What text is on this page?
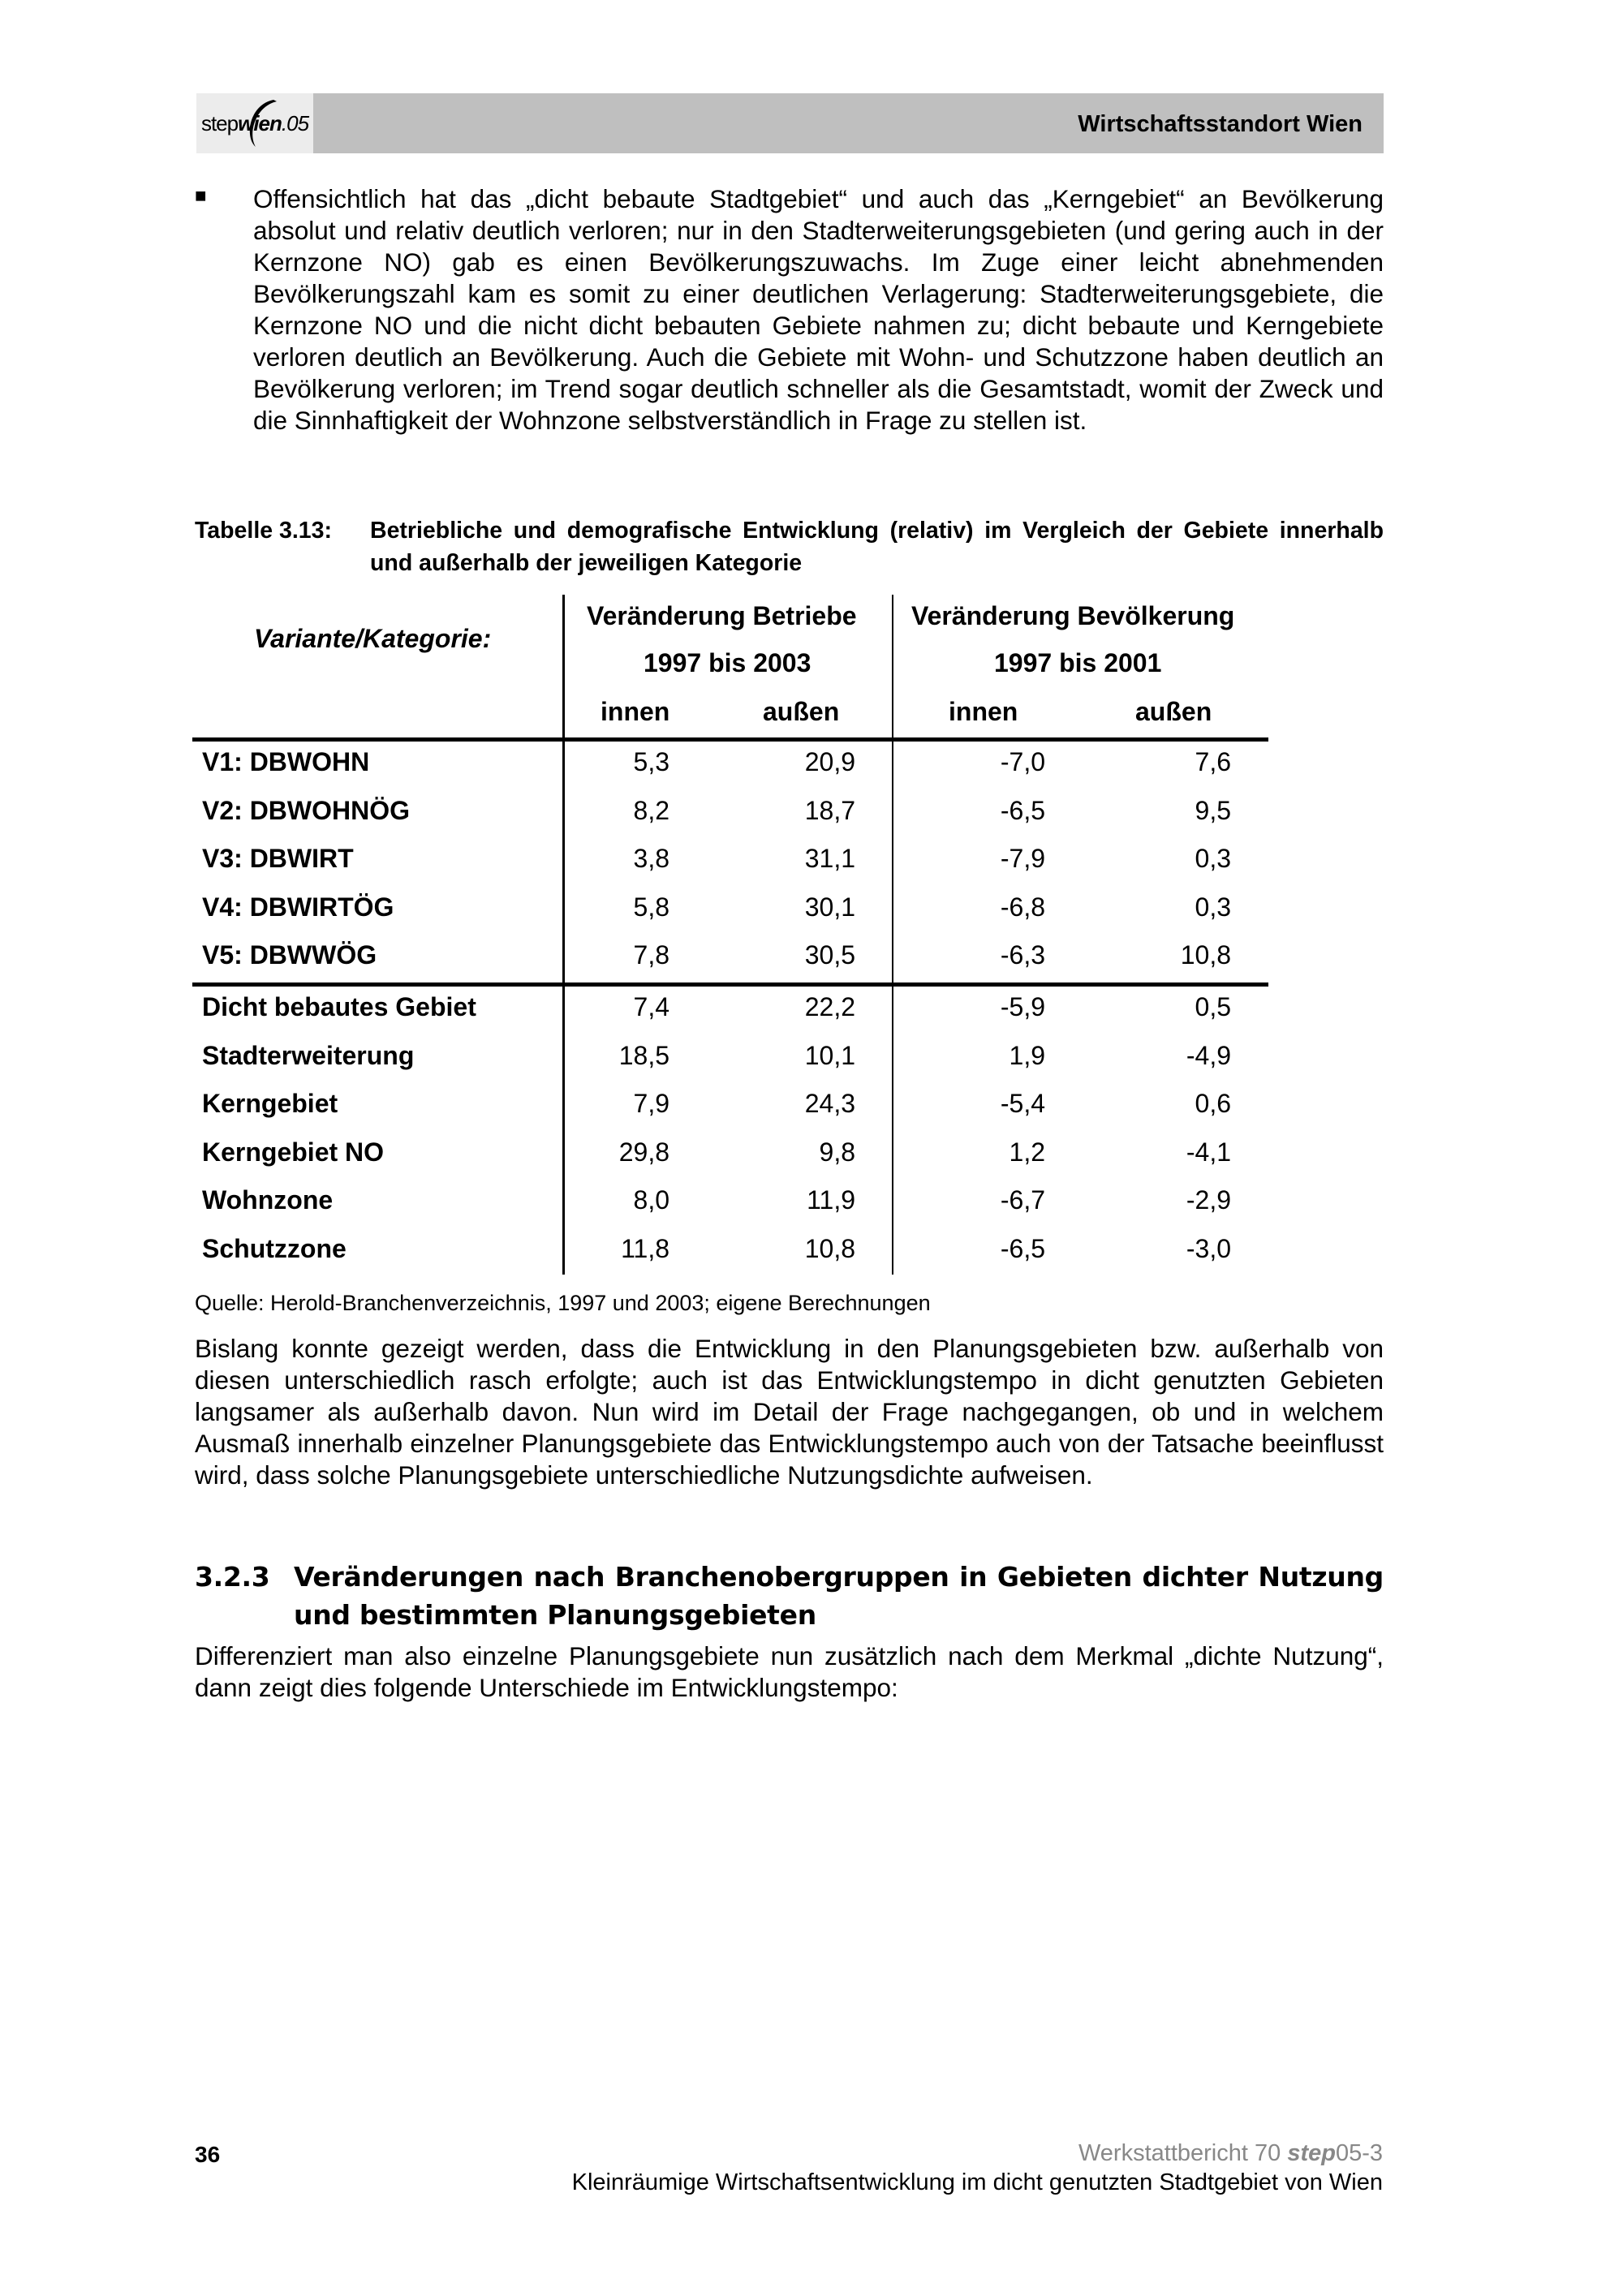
step wien .05	Wirtschaftsstandort Wien
■ Offensichtlich hat das „dicht bebaute Stadtgebiet“ und auch das „Kerngebiet“ an Bevölkerung absolut und relativ deutlich verloren; nur in den Stadterweiterungsgebieten (und gering auch in der Kernzone NO) gab es einen Bevölkerungszuwachs. Im Zuge einer leicht abnehmenden Bevölkerungszahl kam es somit zu einer deutlichen Verlagerung: Stadterweiterungsgebiete, die Kernzone NO und die nicht dicht bebauten Gebiete nahmen zu; dicht bebaute und Kerngebiete verloren deutlich an Bevölkerung. Auch die Gebiete mit Wohn- und Schutzzone haben deutlich an Bevölkerung verloren; im Trend sogar deutlich schneller als die Gesamtstadt, womit der Zweck und die Sinnhaftigkeit der Wohnzone selbstverständlich in Frage zu stellen ist.
Tabelle 3.13: Betriebliche und demografische Entwicklung (relativ) im Vergleich der Gebiete innerhalb und außerhalb der jeweiligen Kategorie
Variante/Kategorie:
Veränderung Betriebe
1997 bis 2003
Veränderung Bevölkerung
1997 bis 2001
innen	außen	innen	außen
V1: DBWOHN	5,3	20,9	-7,0	7,6
V2: DBWOHNÖG	8,2	18,7	-6,5	9,5
V3: DBWIRT	3,8	31,1	-7,9	0,3
V4: DBWIRTÖG	5,8	30,1	-6,8	0,3
V5: DBWWÖG	7,8	30,5	-6,3	10,8
Dicht bebautes Gebiet	7,4	22,2	-5,9	0,5
Stadterweiterung	18,5	10,1	1,9	-4,9
Kerngebiet	7,9	24,3	-5,4	0,6
Kerngebiet NO	29,8	9,8	1,2	-4,1
Wohnzone	8,0	11,9	-6,7	-2,9
Schutzzone	11,8	10,8	-6,5	-3,0
Quelle: Herold-Branchenverzeichnis, 1997 und 2003; eigene Berechnungen
Bislang konnte gezeigt werden, dass die Entwicklung in den Planungsgebieten bzw. außerhalb von diesen unterschiedlich rasch erfolgte; auch ist das Entwicklungstempo in dicht genutzten Gebieten langsamer als außerhalb davon. Nun wird im Detail der Frage nachgegangen, ob und in welchem Ausmaß innerhalb einzelner Planungsgebiete das Entwicklungstempo auch von der Tatsache beeinflusst wird, dass solche Planungsgebiete unterschiedliche Nutzungsdichte aufweisen.
3.2.3 Veränderungen nach Branchenobergruppen in Gebieten dichter Nutzung und bestimmten Planungsgebieten
Differenziert man also einzelne Planungsgebiete nun zusätzlich nach dem Merkmal „dichte Nutzung“, dann zeigt dies folgende Unterschiede im Entwicklungstempo:
36	Werkstattbericht 70 step05-3
Kleinräumige Wirtschaftsentwicklung im dicht genutzten Stadtgebiet von Wien
